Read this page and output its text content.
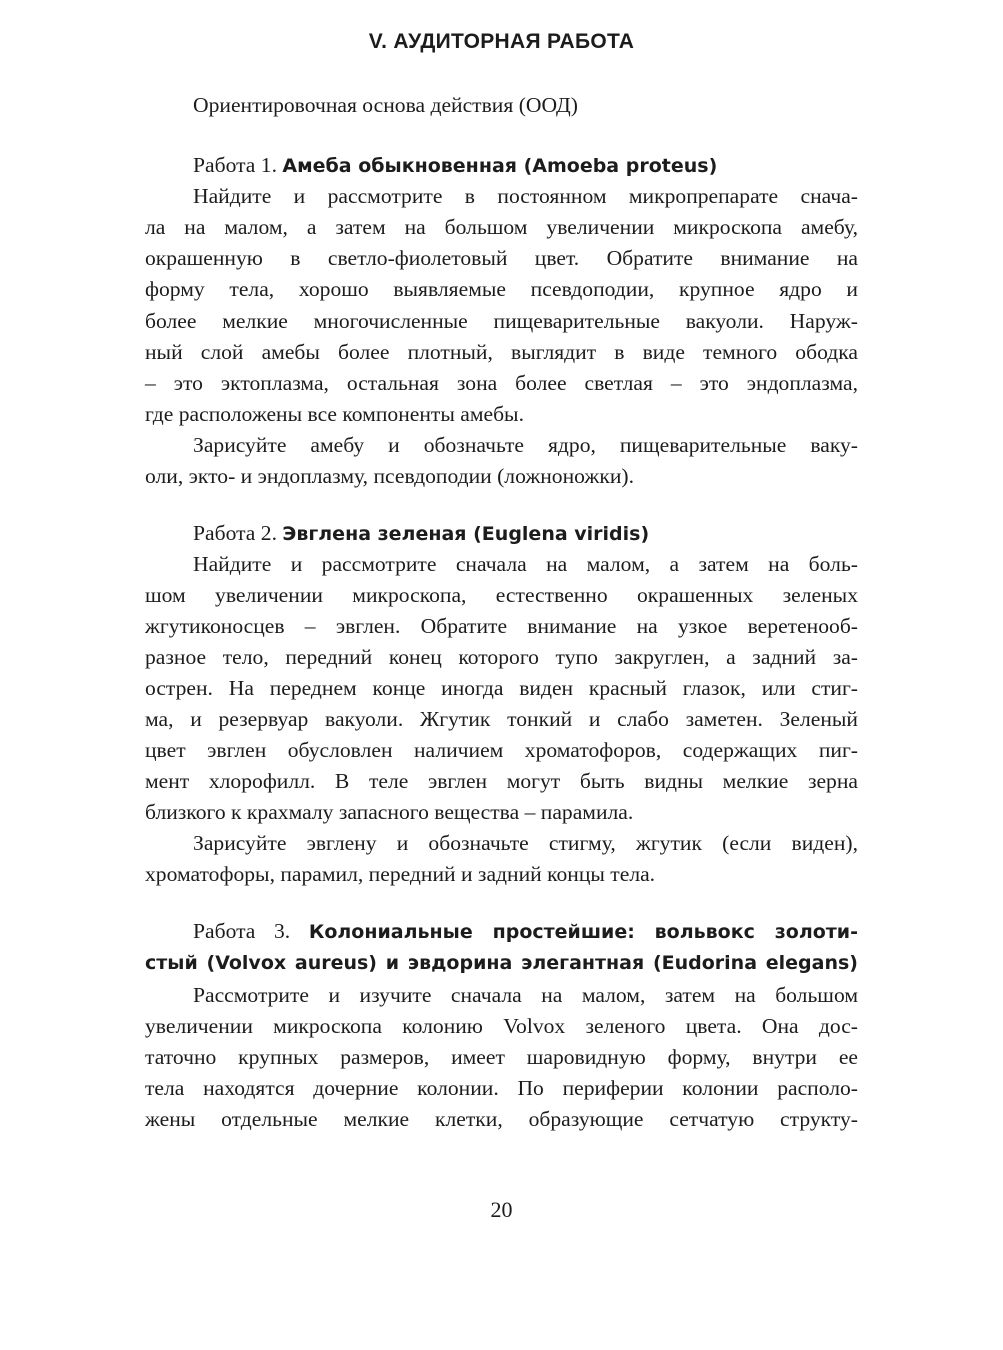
V. АУДИТОРНАЯ РАБОТА

Ориентировочная основа действия (ООД)

Работа 1. Амеба обыкновенная (Amoeba proteus)

Найдите и рассмотрите в постоянном микропрепарате снача-

ла на малом, а затем на большом увеличении микроскопа амебу,

окрашенную в светло-фиолетовый цвет. Обратите внимание на

форму тела, хорошо выявляемые псевдоподии, крупное ядро и

более мелкие многочисленные пищеварительные вакуоли. Наруж-

ный слой амебы более плотный, выглядит в виде темного ободка

– это эктоплазма, остальная зона более светлая – это эндоплазма,

где расположены все компоненты амебы.

Зарисуйте амебу и обозначьте ядро, пищеварительные ваку-

оли, экто- и эндоплазму, псевдоподии (ложноножки).

Работа 2. Эвглена зеленая (Euglena viridis)

Найдите и рассмотрите сначала на малом, а затем на боль-

шом увеличении микроскопа, естественно окрашенных зеленых

жгутиконосцев – эвглен. Обратите внимание на узкое веретенооб-

разное тело, передний конец которого тупо закруглен, а задний за-

острен. На переднем конце иногда виден красный глазок, или стиг-

ма, и резервуар вакуоли. Жгутик тонкий и слабо заметен. Зеленый

цвет эвглен обусловлен наличием хроматофоров, содержащих пиг-

мент хлорофилл. В теле эвглен могут быть видны мелкие зерна

близкого к крахмалу запасного вещества – парамила.

Зарисуйте эвглену и обозначьте стигму, жгутик (если виден),

хроматофоры, парамил, передний и задний концы тела.

Работа 3. Колониальные простейшие: вольвокс золоти-

стый (Volvox aureus) и эвдорина элегантная (Eudorina elegans)

Рассмотрите и изучите сначала на малом, затем на большом

увеличении микроскопа колонию Volvox зеленого цвета. Она дос-

таточно крупных размеров, имеет шаровидную форму, внутри ее

тела находятся дочерние колонии. По периферии колонии располо-

жены отдельные мелкие клетки, образующие сетчатую структу-

20
